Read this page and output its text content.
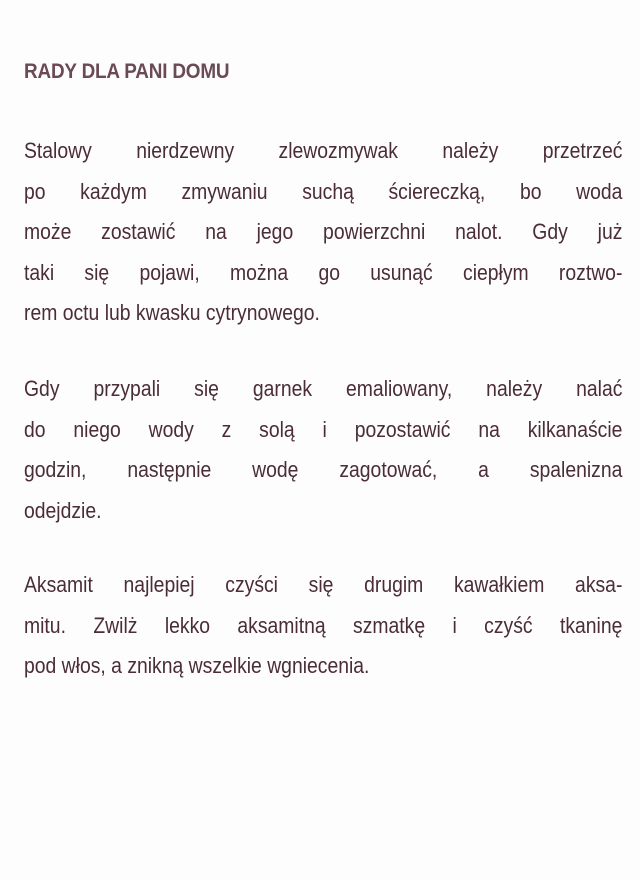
RADY DLA PANI DOMU
Stalowy nierdzewny zlewozmywak należy przetrzeć
po każdym zmywaniu suchą ściereczką, bo woda
może zostawić na jego powierzchni nalot. Gdy już
taki się pojawi, można go usunąć ciepłym roztwo-
rem octu lub kwasku cytrynowego.
Gdy przypali się garnek emaliowany, należy nalać
do niego wody z solą i pozostawić na kilkanaście
godzin, następnie wodę zagotować, a spalenizna
odejdzie.
Aksamit najlepiej czyści się drugim kawałkiem aksa-
mitu. Zwilż lekko aksamitną szmatkę i czyść tkaninę
pod włos, a znikną wszelkie wgniecenia.
